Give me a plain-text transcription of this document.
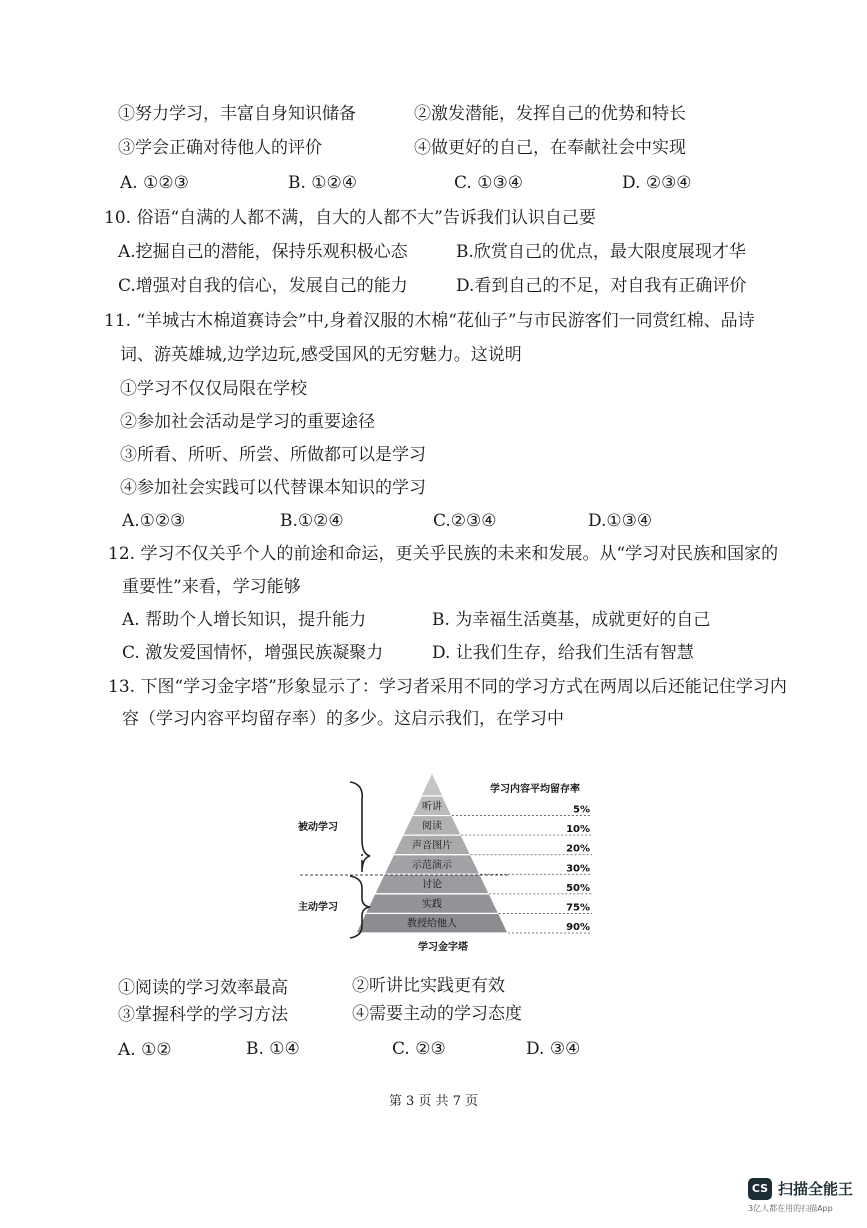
①努力学习，丰富自身知识储备	②激发潜能，发挥自己的优势和特长
③学会正确对待他人的评价	④做更好的自己，在奉献社会中实现
A. ①②③	B. ①②④	C. ①③④	D. ②③④
10. 俗语“自满的人都不满，自大的人都不大”告诉我们认识自己要
A.挖掘自己的潜能，保持乐观积极心态	B.欣赏自己的优点，最大限度展现才华
C.增强对自我的信心，发展自己的能力	D.看到自己的不足，对自我有正确评价
11. “羊城古木棉道赛诗会”中,身着汉服的木棉“花仙子”与市民游客们一同赏红棉、品诗
词、游英雄城,边学边玩,感受国风的无穷魅力。这说明
①学习不仅仅局限在学校
②参加社会活动是学习的重要途径
③所看、所听、所尝、所做都可以是学习
④参加社会实践可以代替课本知识的学习
A.①②③	B.①②④	C.②③④	D.①③④
12. 学习不仅关乎个人的前途和命运，更关乎民族的未来和发展。从“学习对民族和国家的
重要性”来看，学习能够
A. 帮助个人增长知识，提升能力	B. 为幸福生活奠基，成就更好的自己
C. 激发爱国情怀，增强民族凝聚力	D. 让我们生存，给我们生活有智慧
13. 下图“学习金字塔”形象显示了：学习者采用不同的学习方式在两周以后还能记住学习内
容（学习内容平均留存率）的多少。这启示我们，在学习中
听讲
阅读
声音图片
示范演示
讨论
实践
教授给他人
5%
10%
20%
30%
50%
75%
90%
被动学习
主动学习
学习内容平均留存率
学习金字塔
①阅读的学习效率最高	②听讲比实践更有效
③掌握科学的学习方法	④需要主动的学习态度
A. ①②	B. ①④	C. ②③	D. ③④
第 3 页 共 7 页
CS 扫描全能王
3亿人都在用的扫描App
